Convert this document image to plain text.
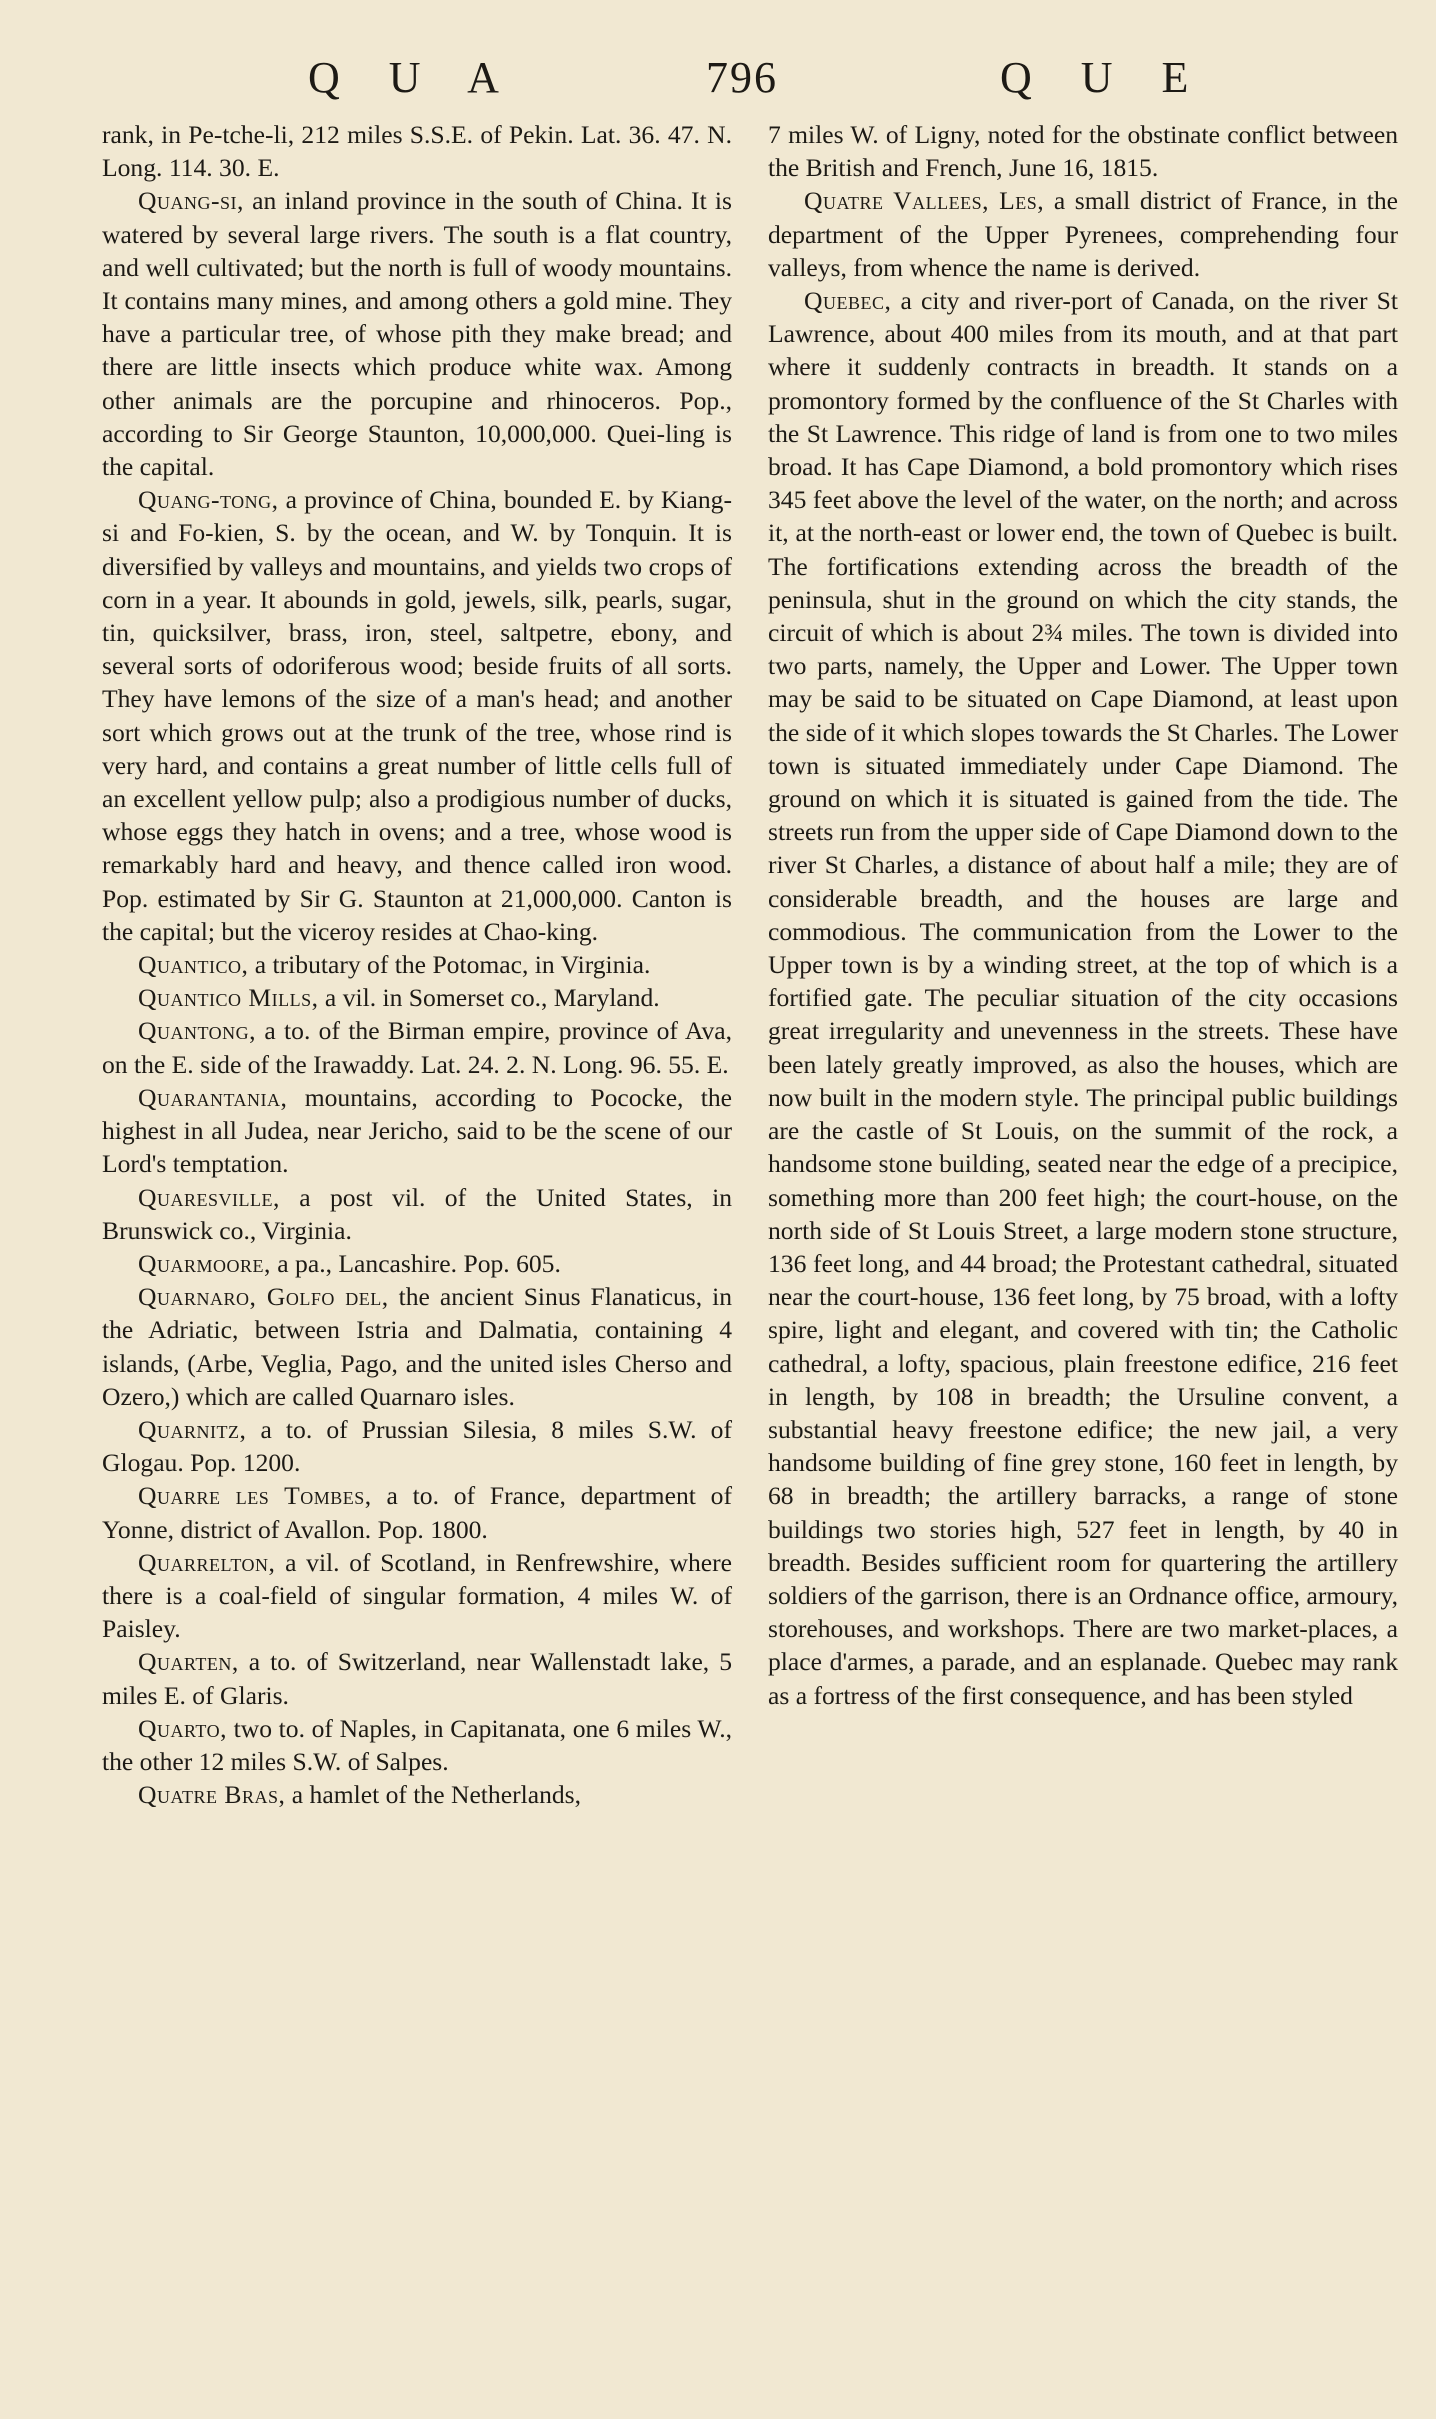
Q U A	796	Q U E

rank, in Pe-tche-li, 212 miles S.S.E. of Pekin. Lat. 36. 47. N. Long. 114. 30. E.

Quang-si, an inland province in the south of China. It is watered by several large rivers. The south is a flat country, and well cultivated; but the north is full of woody mountains. It contains many mines, and among others a gold mine. They have a particular tree, of whose pith they make bread; and there are little insects which produce white wax. Among other animals are the porcupine and rhinoceros. Pop., according to Sir George Staunton, 10,000,000. Quei-ling is the capital.

Quang-tong, a province of China, bounded E. by Kiang-si and Fo-kien, S. by the ocean, and W. by Tonquin. It is diversified by valleys and mountains, and yields two crops of corn in a year. It abounds in gold, jewels, silk, pearls, sugar, tin, quicksilver, brass, iron, steel, saltpetre, ebony, and several sorts of odoriferous wood; beside fruits of all sorts. They have lemons of the size of a man's head; and another sort which grows out at the trunk of the tree, whose rind is very hard, and contains a great number of little cells full of an excellent yellow pulp; also a prodigious number of ducks, whose eggs they hatch in ovens; and a tree, whose wood is remarkably hard and heavy, and thence called iron wood. Pop. estimated by Sir G. Staunton at 21,000,000. Canton is the capital; but the viceroy resides at Chao-king.

Quantico, a tributary of the Potomac, in Virginia.

Quantico Mills, a vil. in Somerset co., Maryland.

Quantong, a to. of the Birman empire, province of Ava, on the E. side of the Irawaddy. Lat. 24. 2. N. Long. 96. 55. E.

Quarantania, mountains, according to Pococke, the highest in all Judea, near Jericho, said to be the scene of our Lord's temptation.

Quaresville, a post vil. of the United States, in Brunswick co., Virginia.

Quarmoore, a pa., Lancashire. Pop. 605.

Quarnaro, Golfo del, the ancient Sinus Flanaticus, in the Adriatic, between Istria and Dalmatia, containing 4 islands, (Arbe, Veglia, Pago, and the united isles Cherso and Ozero,) which are called Quarnaro isles.

Quarnitz, a to. of Prussian Silesia, 8 miles S.W. of Glogau. Pop. 1200.

Quarre les Tombes, a to. of France, department of Yonne, district of Avallon. Pop. 1800.

Quarrelton, a vil. of Scotland, in Renfrewshire, where there is a coal-field of singular formation, 4 miles W. of Paisley.

Quarten, a to. of Switzerland, near Wallenstadt lake, 5 miles E. of Glaris.

Quarto, two to. of Naples, in Capitanata, one 6 miles W., the other 12 miles S.W. of Salpes.

Quatre Bras, a hamlet of the Netherlands,

7 miles W. of Ligny, noted for the obstinate conflict between the British and French, June 16, 1815.

Quatre Vallees, Les, a small district of France, in the department of the Upper Pyrenees, comprehending four valleys, from whence the name is derived.

Quebec, a city and river-port of Canada, on the river St Lawrence, about 400 miles from its mouth, and at that part where it suddenly contracts in breadth. It stands on a promontory formed by the confluence of the St Charles with the St Lawrence. This ridge of land is from one to two miles broad. It has Cape Diamond, a bold promontory which rises 345 feet above the level of the water, on the north; and across it, at the north-east or lower end, the town of Quebec is built. The fortifications extending across the breadth of the peninsula, shut in the ground on which the city stands, the circuit of which is about 2¾ miles. The town is divided into two parts, namely, the Upper and Lower. The Upper town may be said to be situated on Cape Diamond, at least upon the side of it which slopes towards the St Charles. The Lower town is situated immediately under Cape Diamond. The ground on which it is situated is gained from the tide. The streets run from the upper side of Cape Diamond down to the river St Charles, a distance of about half a mile; they are of considerable breadth, and the houses are large and commodious. The communication from the Lower to the Upper town is by a winding street, at the top of which is a fortified gate. The peculiar situation of the city occasions great irregularity and unevenness in the streets. These have been lately greatly improved, as also the houses, which are now built in the modern style. The principal public buildings are the castle of St Louis, on the summit of the rock, a handsome stone building, seated near the edge of a precipice, something more than 200 feet high; the court-house, on the north side of St Louis Street, a large modern stone structure, 136 feet long, and 44 broad; the Protestant cathedral, situated near the court-house, 136 feet long, by 75 broad, with a lofty spire, light and elegant, and covered with tin; the Catholic cathedral, a lofty, spacious, plain freestone edifice, 216 feet in length, by 108 in breadth; the Ursuline convent, a substantial heavy freestone edifice; the new jail, a very handsome building of fine grey stone, 160 feet in length, by 68 in breadth; the artillery barracks, a range of stone buildings two stories high, 527 feet in length, by 40 in breadth. Besides sufficient room for quartering the artillery soldiers of the garrison, there is an Ordnance office, armoury, storehouses, and workshops. There are two market-places, a place d'armes, a parade, and an esplanade. Quebec may rank as a fortress of the first consequence, and has been styled
